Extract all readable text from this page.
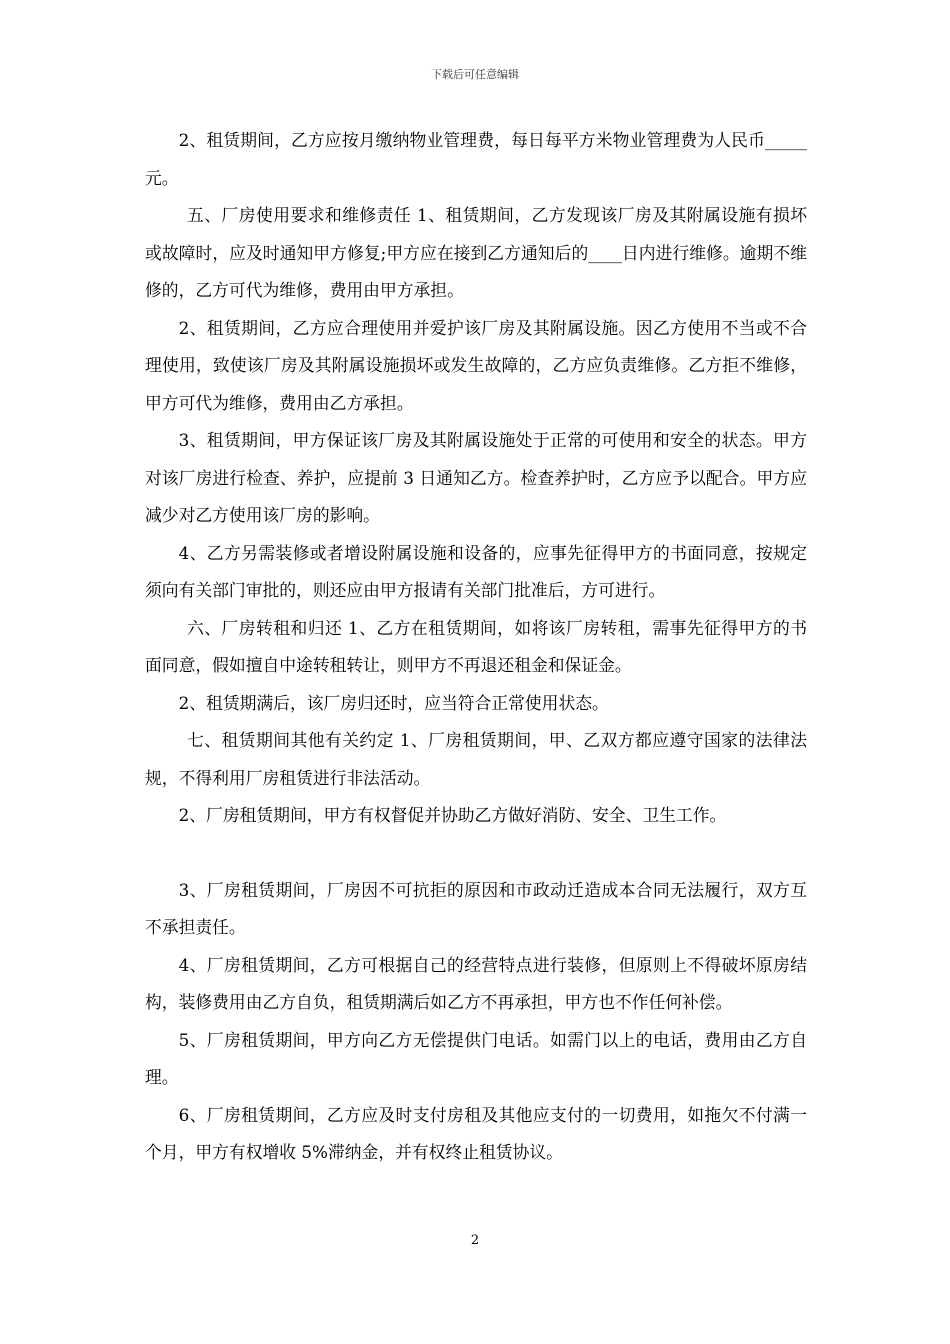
下载后可任意编辑

2、租赁期间，乙方应按月缴纳物业管理费，每日每平方米物业管理费为人民币_____元。

五、厂房使用要求和维修责任 1、租赁期间，乙方发现该厂房及其附属设施有损坏或故障时，应及时通知甲方修复;甲方应在接到乙方通知后的____日内进行维修。逾期不维修的，乙方可代为维修，费用由甲方承担。

2、租赁期间，乙方应合理使用并爱护该厂房及其附属设施。因乙方使用不当或不合理使用，致使该厂房及其附属设施损坏或发生故障的，乙方应负责维修。乙方拒不维修，甲方可代为维修，费用由乙方承担。

3、租赁期间，甲方保证该厂房及其附属设施处于正常的可使用和安全的状态。甲方对该厂房进行检查、养护，应提前 3 日通知乙方。检查养护时，乙方应予以配合。甲方应减少对乙方使用该厂房的影响。

4、乙方另需装修或者增设附属设施和设备的，应事先征得甲方的书面同意，按规定须向有关部门审批的，则还应由甲方报请有关部门批准后，方可进行。

六、厂房转租和归还 1、乙方在租赁期间，如将该厂房转租，需事先征得甲方的书面同意，假如擅自中途转租转让，则甲方不再退还租金和保证金。

2、租赁期满后，该厂房归还时，应当符合正常使用状态。

七、租赁期间其他有关约定 1、厂房租赁期间，甲、乙双方都应遵守国家的法律法规，不得利用厂房租赁进行非法活动。

2、厂房租赁期间，甲方有权督促并协助乙方做好消防、安全、卫生工作。

3、厂房租赁期间，厂房因不可抗拒的原因和市政动迁造成本合同无法履行，双方互不承担责任。

4、厂房租赁期间，乙方可根据自己的经营特点进行装修，但原则上不得破坏原房结构，装修费用由乙方自负，租赁期满后如乙方不再承担，甲方也不作任何补偿。

5、厂房租赁期间，甲方向乙方无偿提供门电话。如需门以上的电话，费用由乙方自理。

6、厂房租赁期间，乙方应及时支付房租及其他应支付的一切费用，如拖欠不付满一个月，甲方有权增收 5%滞纳金，并有权终止租赁协议。

2
